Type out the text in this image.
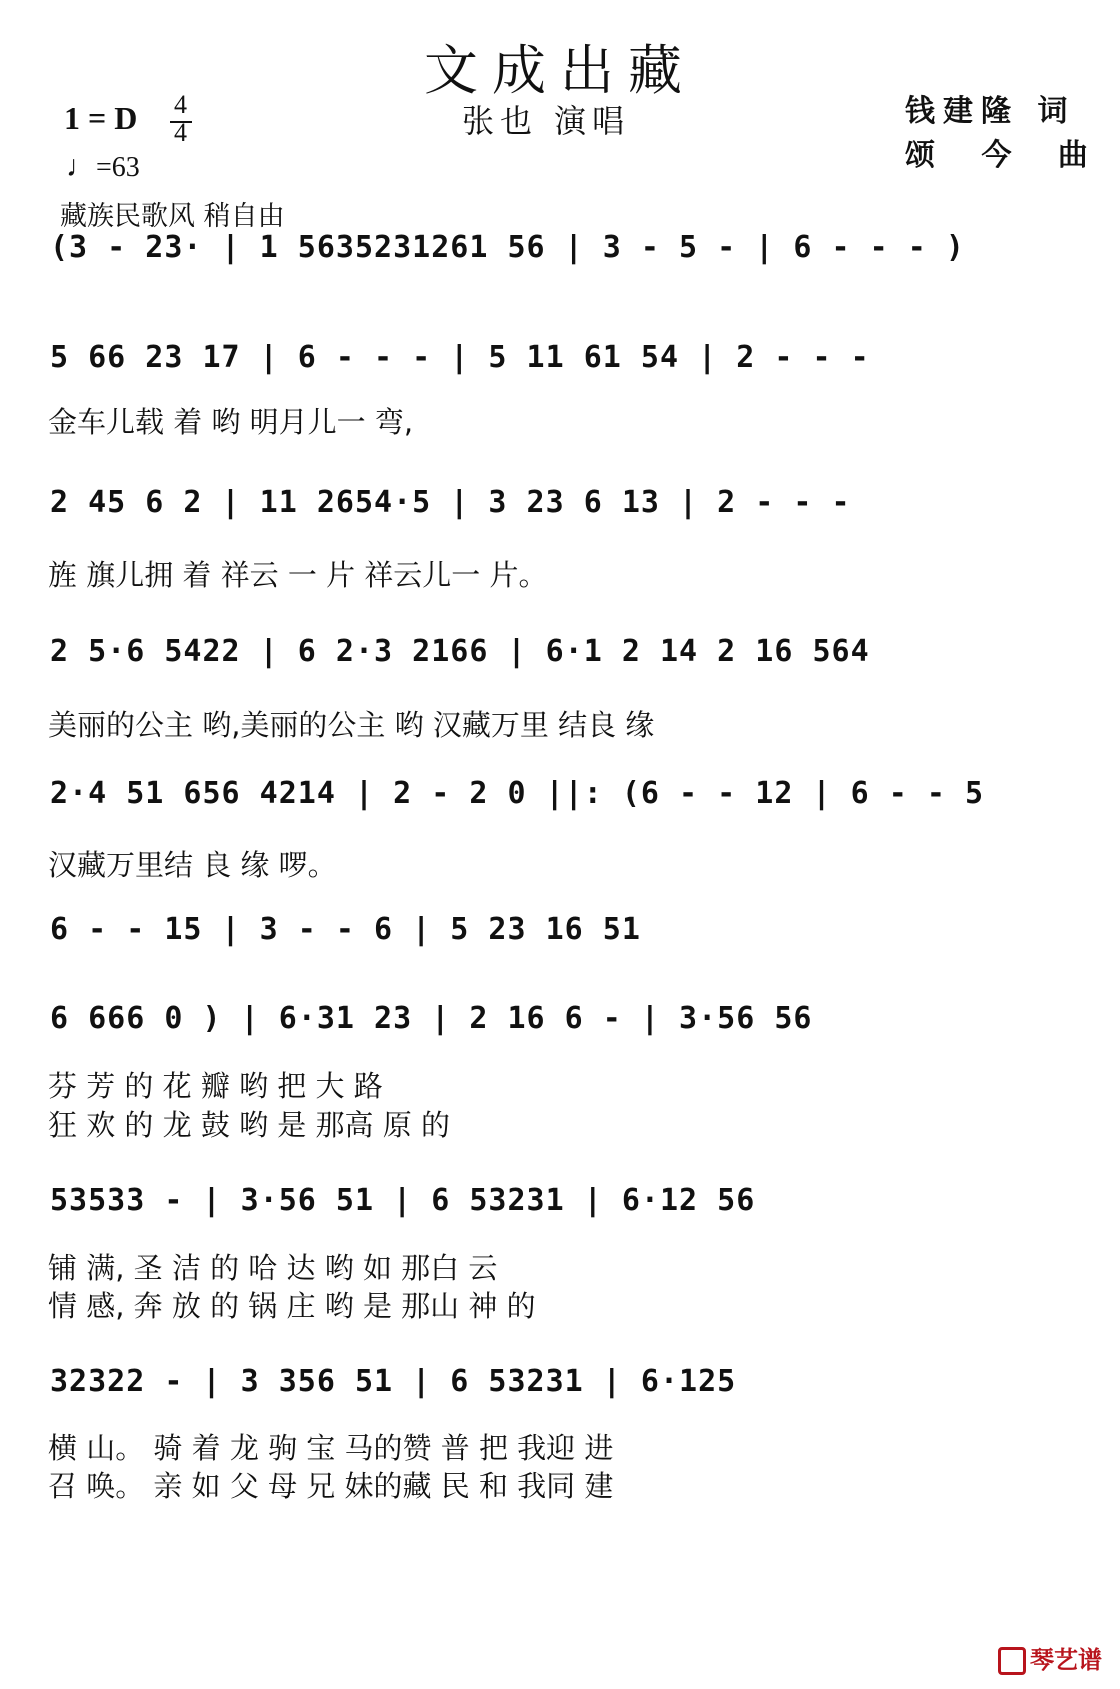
文成出藏
张也 演唱
1 = D 4
4
♩=63
钱建隆 词
颂 今 曲
藏族民歌风 稍自由
(3 - 23· | 1 5635231261 56 | 3 - 5 - | 6 - - - )
5 66 23 17 | 6 - - - | 5 11 61 54 | 2 - - -
金车儿载 着 哟 明月儿一 弯,
2 45 6 2 | 11 2654·5 | 3 23 6 13 | 2 - - -
旌 旗儿拥 着 祥云 一 片 祥云儿一 片。
2 5·6 5422 | 6 2·3 2166 | 6·1 2 14 2 16 564
美丽的公主 哟,美丽的公主 哟 汉藏万里 结良 缘
2·4 51 656 4214 | 2 - 2 0 ||: (6 - - 12 | 6 - - 5
汉藏万里结 良 缘 啰。
6 - - 15 | 3 - - 6 | 5 23 16 51
6 666 0 ) | 6·31 23 | 2 16 6 - | 3·56 56
芬 芳 的 花 瓣 哟 把 大 路
狂 欢 的 龙 鼓 哟 是 那高 原 的
53533 - | 3·56 51 | 6 53231 | 6·12 56
铺 满, 圣 洁 的 哈 达 哟 如 那白 云
情 感, 奔 放 的 锅 庄 哟 是 那山 神 的
32322 - | 3 356 51 | 6 53231 | 6·125
横 山。 骑 着 龙 驹 宝 马的赞 普 把 我迎 进
召 唤。 亲 如 父 母 兄 妹的藏 民 和 我同 建
琴艺谱
